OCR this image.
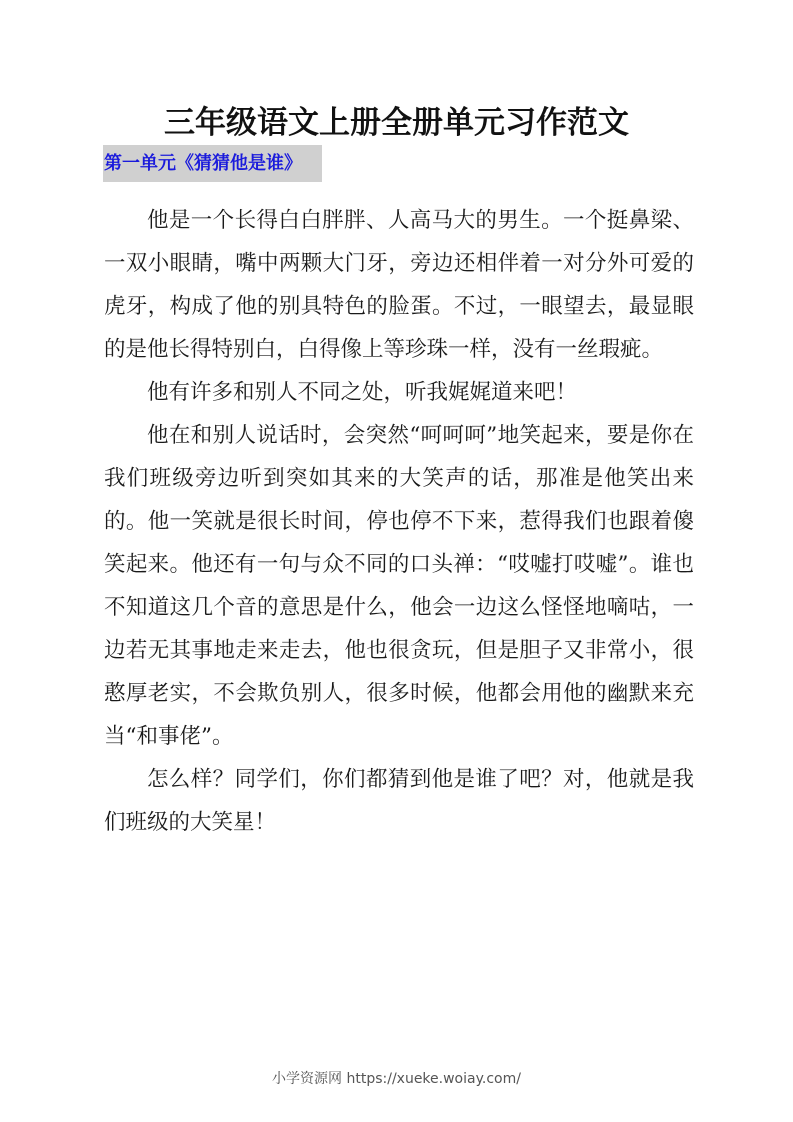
三年级语文上册全册单元习作范文
第一单元《猜猜他是谁》

他是一个长得白白胖胖、人高马大的男生。一个挺鼻梁、一双小眼睛，嘴中两颗大门牙，旁边还相伴着一对分外可爱的虎牙，构成了他的别具特色的脸蛋。不过，一眼望去，最显眼的是他长得特别白，白得像上等珍珠一样，没有一丝瑕疵。

他有许多和别人不同之处，听我娓娓道来吧！

他在和别人说话时，会突然“呵呵呵”地笑起来，要是你在我们班级旁边听到突如其来的大笑声的话，那准是他笑出来的。他一笑就是很长时间，停也停不下来，惹得我们也跟着傻笑起来。他还有一句与众不同的口头禅：“哎嘘打哎嘘”。谁也不知道这几个音的意思是什么，他会一边这么怪怪地嘀咕，一边若无其事地走来走去，他也很贪玩，但是胆子又非常小，很憨厚老实，不会欺负别人，很多时候，他都会用他的幽默来充当“和事佬”。

怎么样？同学们，你们都猜到他是谁了吧？对，他就是我们班级的大笑星！

小学资源网 https://xueke.woiay.com/
